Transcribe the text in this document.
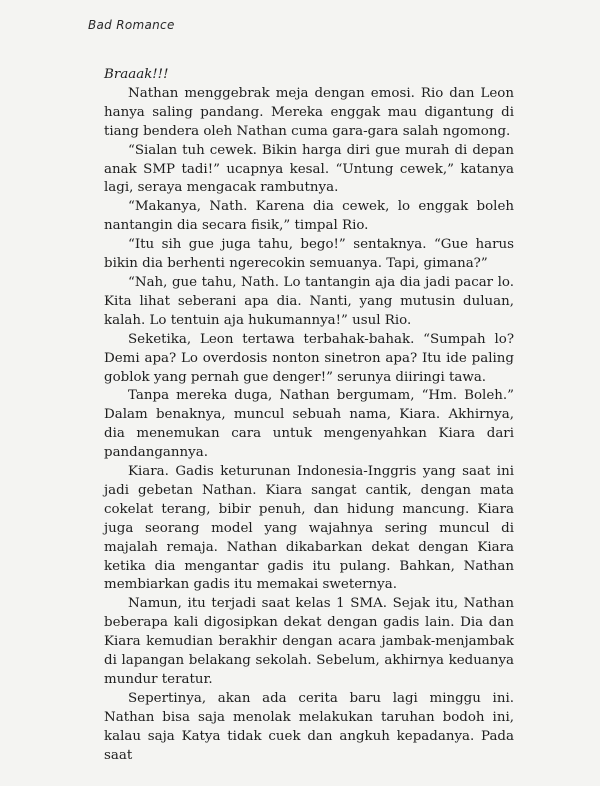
Bad Romance

Braaak!!!

Nathan menggebrak meja dengan emosi. Rio dan Leon hanya saling pandang. Mereka enggak mau digantung di tiang bendera oleh Nathan cuma gara-gara salah ngomong.

“Sialan tuh cewek. Bikin harga diri gue murah di depan anak SMP tadi!” ucapnya kesal. “Untung cewek,” katanya lagi, seraya mengacak rambutnya.

“Makanya, Nath. Karena dia cewek, lo enggak boleh nantangin dia secara fisik,” timpal Rio.

“Itu sih gue juga tahu, bego!” sentaknya. “Gue harus bikin dia berhenti ngerecokin semuanya. Tapi, gimana?”

“Nah, gue tahu, Nath. Lo tantangin aja dia jadi pacar lo. Kita lihat seberani apa dia. Nanti, yang mutusin duluan, kalah. Lo tentuin aja hukumannya!” usul Rio.

Seketika, Leon tertawa terbahak-bahak. “Sumpah lo? Demi apa? Lo overdosis nonton sinetron apa? Itu ide paling goblok yang pernah gue denger!” serunya diiringi tawa.

Tanpa mereka duga, Nathan bergumam, “Hm. Boleh.” Dalam benaknya, muncul sebuah nama, Kiara. Akhirnya, dia menemukan cara untuk mengenyahkan Kiara dari pandangannya.

Kiara. Gadis keturunan Indonesia-Inggris yang saat ini jadi gebetan Nathan. Kiara sangat cantik, dengan mata cokelat terang, bibir penuh, dan hidung mancung. Kiara juga seorang model yang wajahnya sering muncul di majalah remaja. Nathan dikabarkan dekat dengan Kiara ketika dia mengantar gadis itu pulang. Bahkan, Nathan membiarkan gadis itu memakai sweternya.

Namun, itu terjadi saat kelas 1 SMA. Sejak itu, Nathan beberapa kali digosipkan dekat dengan gadis lain. Dia dan Kiara kemudian berakhir dengan acara jambak-menjambak di lapangan belakang sekolah. Sebelum, akhirnya keduanya mundur teratur.

Sepertinya, akan ada cerita baru lagi minggu ini. Nathan bisa saja menolak melakukan taruhan bodoh ini, kalau saja Katya tidak cuek dan angkuh kepadanya. Pada saat
